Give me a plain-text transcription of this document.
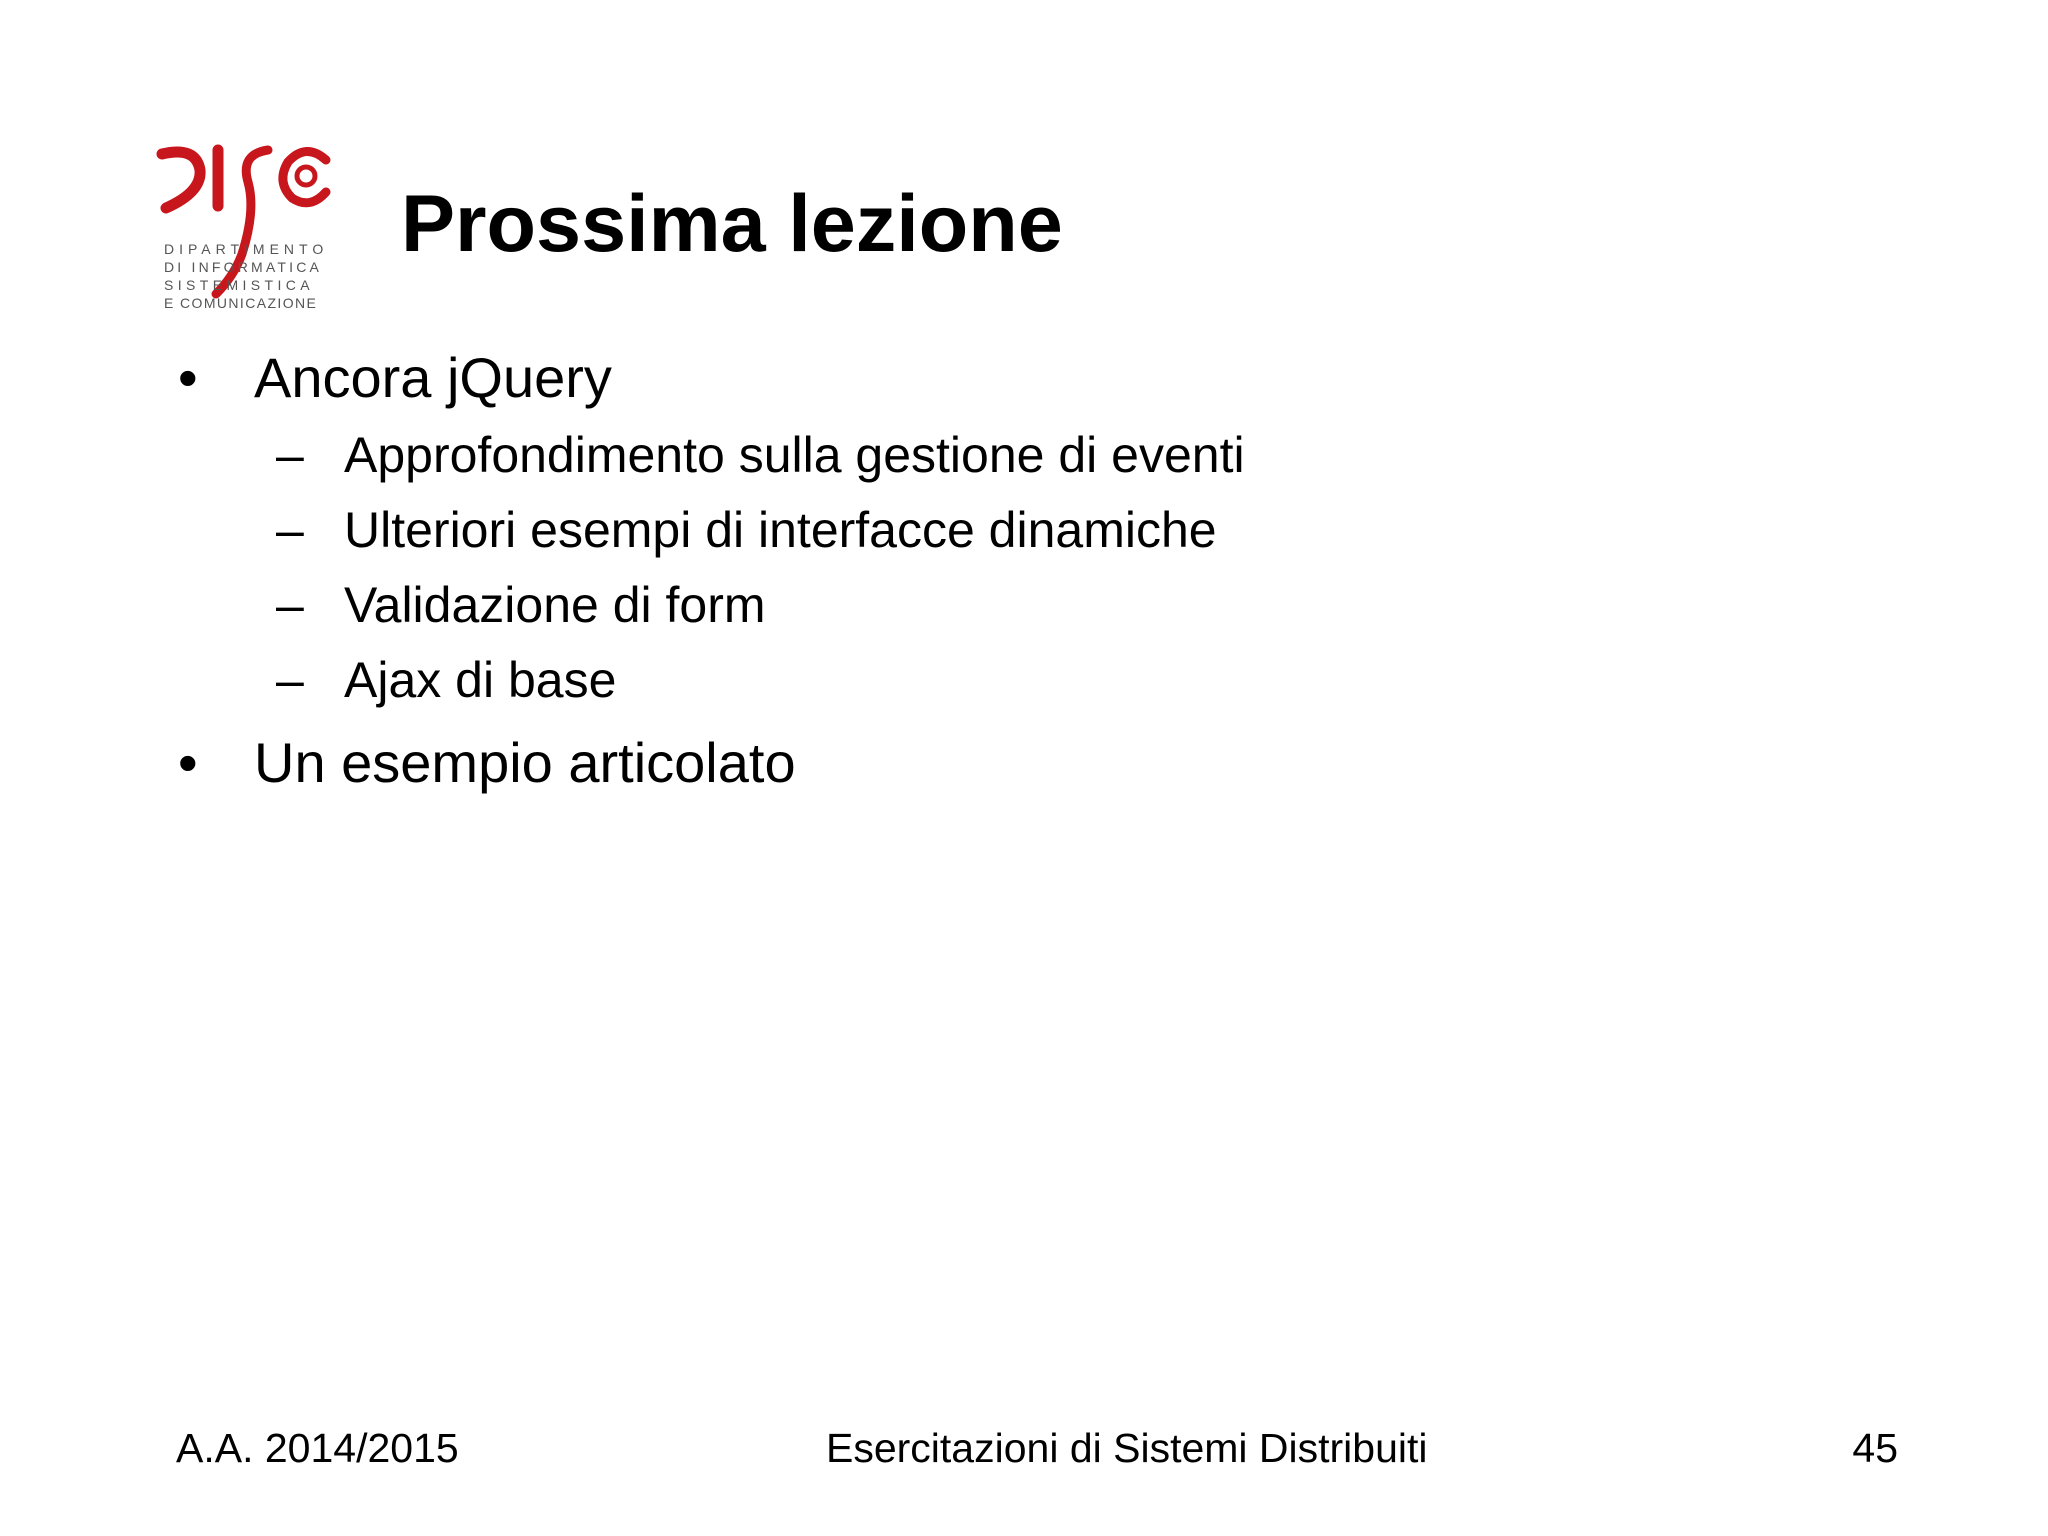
DIPARTIMENTO
DI INFORMATICA
SISTEMISTICA
E COMUNICAZIONE
Prossima lezione
• Ancora jQuery
– Approfondimento sulla gestione di eventi
– Ulteriori esempi di interfacce dinamiche
– Validazione di form
– Ajax di base
• Un esempio articolato
A.A. 2014/2015	Esercitazioni di Sistemi Distribuiti	45
